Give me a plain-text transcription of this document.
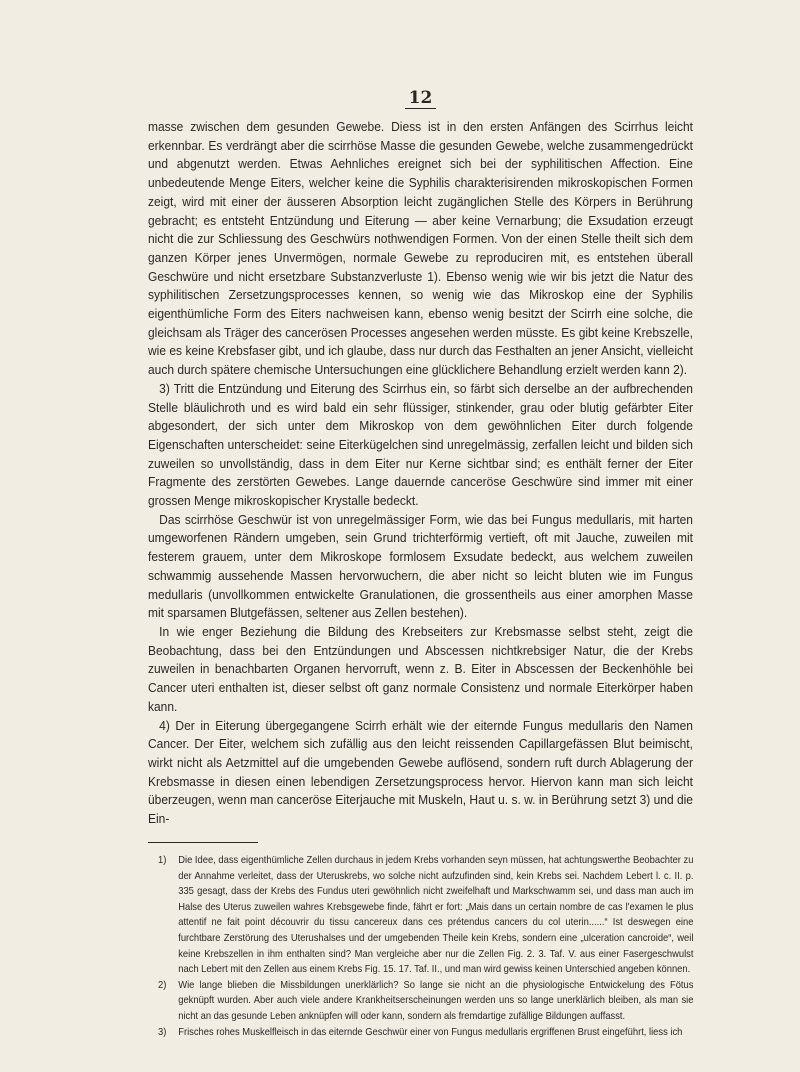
12

masse zwischen dem gesunden Gewebe. Diess ist in den ersten Anfängen des Scirrhus leicht erkennbar. Es verdrängt aber die scirrhöse Masse die gesunden Gewebe, welche zusammengedrückt und abgenutzt werden. Etwas Aehnliches ereignet sich bei der syphilitischen Affection. Eine unbedeutende Menge Eiters, welcher keine die Syphilis charakterisirenden mikroskopischen Formen zeigt, wird mit einer der äusseren Absorption leicht zugänglichen Stelle des Körpers in Berührung gebracht; es entsteht Entzündung und Eiterung — aber keine Vernarbung; die Exsudation erzeugt nicht die zur Schliessung des Geschwürs nothwendigen Formen. Von der einen Stelle theilt sich dem ganzen Körper jenes Unvermögen, normale Gewebe zu reproduciren mit, es entstehen überall Geschwüre und nicht ersetzbare Substanzverluste 1). Ebenso wenig wie wir bis jetzt die Natur des syphilitischen Zersetzungsprocesses kennen, so wenig wie das Mikroskop eine der Syphilis eigenthümliche Form des Eiters nachweisen kann, ebenso wenig besitzt der Scirrh eine solche, die gleichsam als Träger des cancerösen Processes angesehen werden müsste. Es gibt keine Krebszelle, wie es keine Krebsfaser gibt, und ich glaube, dass nur durch das Festhalten an jener Ansicht, vielleicht auch durch spätere chemische Untersuchungen eine glücklichere Behandlung erzielt werden kann 2).

3) Tritt die Entzündung und Eiterung des Scirrhus ein, so färbt sich derselbe an der aufbrechenden Stelle bläulichroth und es wird bald ein sehr flüssiger, stinkender, grau oder blutig gefärbter Eiter abgesondert, der sich unter dem Mikroskop von dem gewöhnlichen Eiter durch folgende Eigenschaften unterscheidet: seine Eiterkügelchen sind unregelmässig, zerfallen leicht und bilden sich zuweilen so unvollständig, dass in dem Eiter nur Kerne sichtbar sind; es enthält ferner der Eiter Fragmente des zerstörten Gewebes. Lange dauernde canceröse Geschwüre sind immer mit einer grossen Menge mikroskopischer Krystalle bedeckt.

Das scirrhöse Geschwür ist von unregelmässiger Form, wie das bei Fungus medullaris, mit harten umgeworfenen Rändern umgeben, sein Grund trichterförmig vertieft, oft mit Jauche, zuweilen mit festerem grauem, unter dem Mikroskope formlosem Exsudate bedeckt, aus welchem zuweilen schwammig aussehende Massen hervorwuchern, die aber nicht so leicht bluten wie im Fungus medullaris (unvollkommen entwickelte Granulationen, die grossentheils aus einer amorphen Masse mit sparsamen Blutgefässen, seltener aus Zellen bestehen).

In wie enger Beziehung die Bildung des Krebseiters zur Krebsmasse selbst steht, zeigt die Beobachtung, dass bei den Entzündungen und Abscessen nichtkrebsiger Natur, die der Krebs zuweilen in benachbarten Organen hervorruft, wenn z. B. Eiter in Abscessen der Beckenhöhle bei Cancer uteri enthalten ist, dieser selbst oft ganz normale Consistenz und normale Eiterkörper haben kann.

4) Der in Eiterung übergegangene Scirrh erhält wie der eiternde Fungus medullaris den Namen Cancer. Der Eiter, welchem sich zufällig aus den leicht reissenden Capillargefässen Blut beimischt, wirkt nicht als Aetzmittel auf die umgebenden Gewebe auflösend, sondern ruft durch Ablagerung der Krebsmasse in diesen einen lebendigen Zersetzungsprocess hervor. Hiervon kann man sich leicht überzeugen, wenn man canceröse Eiterjauche mit Muskeln, Haut u. s. w. in Berührung setzt 3) und die Ein-

1) Die Idee, dass eigenthümliche Zellen durchaus in jedem Krebs vorhanden seyn müssen, hat achtungswerthe Beobachter zu der Annahme verleitet, dass der Uteruskrebs, wo solche nicht aufzufinden sind, kein Krebs sei. Nachdem Lebert l. c. II. p. 335 gesagt, dass der Krebs des Fundus uteri gewöhnlich nicht zweifelhaft und Markschwamm sei, und dass man auch im Halse des Uterus zuweilen wahres Krebsgewebe finde, fährt er fort: „Mais dans un certain nombre de cas l'examen le plus attentif ne fait point découvrir du tissu cancereux dans ces prétendus cancers du col uterin......“ Ist deswegen eine furchtbare Zerstörung des Uterushalses und der umgebenden Theile kein Krebs, sondern eine „ulceration cancroide“, weil keine Krebszellen in ihm enthalten sind? Man vergleiche aber nur die Zellen Fig. 2. 3. Taf. V. aus einer Fasergeschwulst nach Lebert mit den Zellen aus einem Krebs Fig. 15. 17. Taf. II., und man wird gewiss keinen Unterschied angeben können.

2) Wie lange blieben die Missbildungen unerklärlich? So lange sie nicht an die physiologische Entwickelung des Fötus geknüpft wurden. Aber auch viele andere Krankheitserscheinungen werden uns so lange unerklärlich bleiben, als man sie nicht an das gesunde Leben anknüpfen will oder kann, sondern als fremdartige zufällige Bildungen auffasst.

3) Frisches rohes Muskelfleisch in das eiternde Geschwür einer von Fungus medullaris ergriffenen Brust eingeführt, liess ich
